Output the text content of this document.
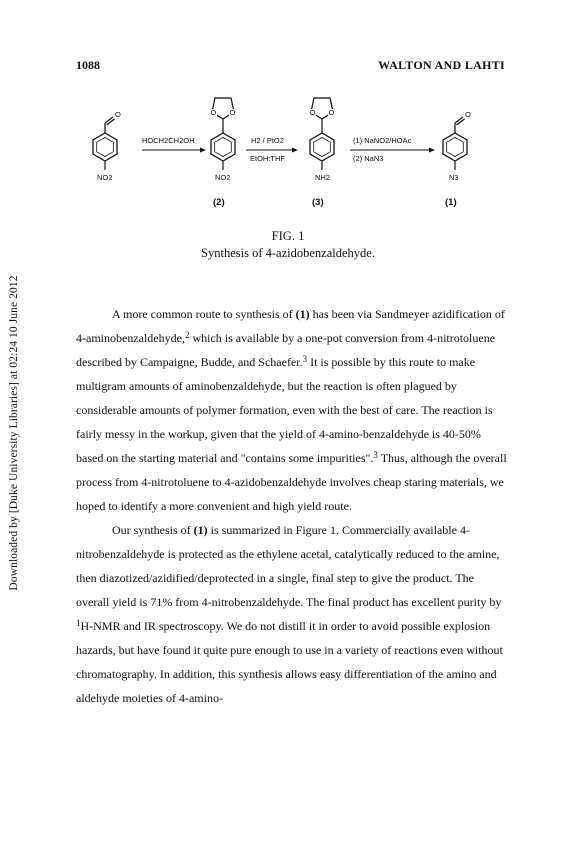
Downloaded by [Duke University Libraries] at 02:24 10 June 2012
1088	WALTON AND LAHTI
O
NO2
HOCH2CH2OH
O O
NO2
(2)
H2 / PtO2
EtOH:THF
O O
NH2
(3)
(1) NaNO2/HOAc
(2) NaN3
O
N3
(1)
FIG. 1
Synthesis of 4-azidobenzaldehyde.

A more common route to synthesis of (1) has been via Sandmeyer azidification of 4-aminobenzaldehyde,$^2$ which is available by a one-pot conversion from 4-nitrotoluene described by Campaigne, Budde, and Schaefer.$^3$ It is possible by this route to make multigram amounts of aminobenzaldehyde, but the reaction is often plagued by considerable amounts of polymer formation, even with the best of care. The reaction is fairly messy in the workup, given that the yield of 4-amino-benzaldehyde is 40-50% based on the starting material and "contains some impurities".$^3$ Thus, although the overall process from 4-nitrotoluene to 4-azidobenzaldehyde involves cheap staring materials, we hoped to identify a more convenient and high yield route.

Our synthesis of (1) is summarized in Figure 1. Commercially available 4-nitrobenzaldehyde is protected as the ethylene acetal, catalytically reduced to the amine, then diazotized/azidified/deprotected in a single, final step to give the product. The overall yield is 71% from 4-nitrobenzaldehyde. The final product has excellent purity by $^1$H-NMR and IR spectroscopy. We do not distill it in order to avoid possible explosion hazards, but have found it quite pure enough to use in a variety of reactions even without chromatography. In addition, this synthesis allows easy differentiation of the amino and aldehyde moieties of 4-amino-
